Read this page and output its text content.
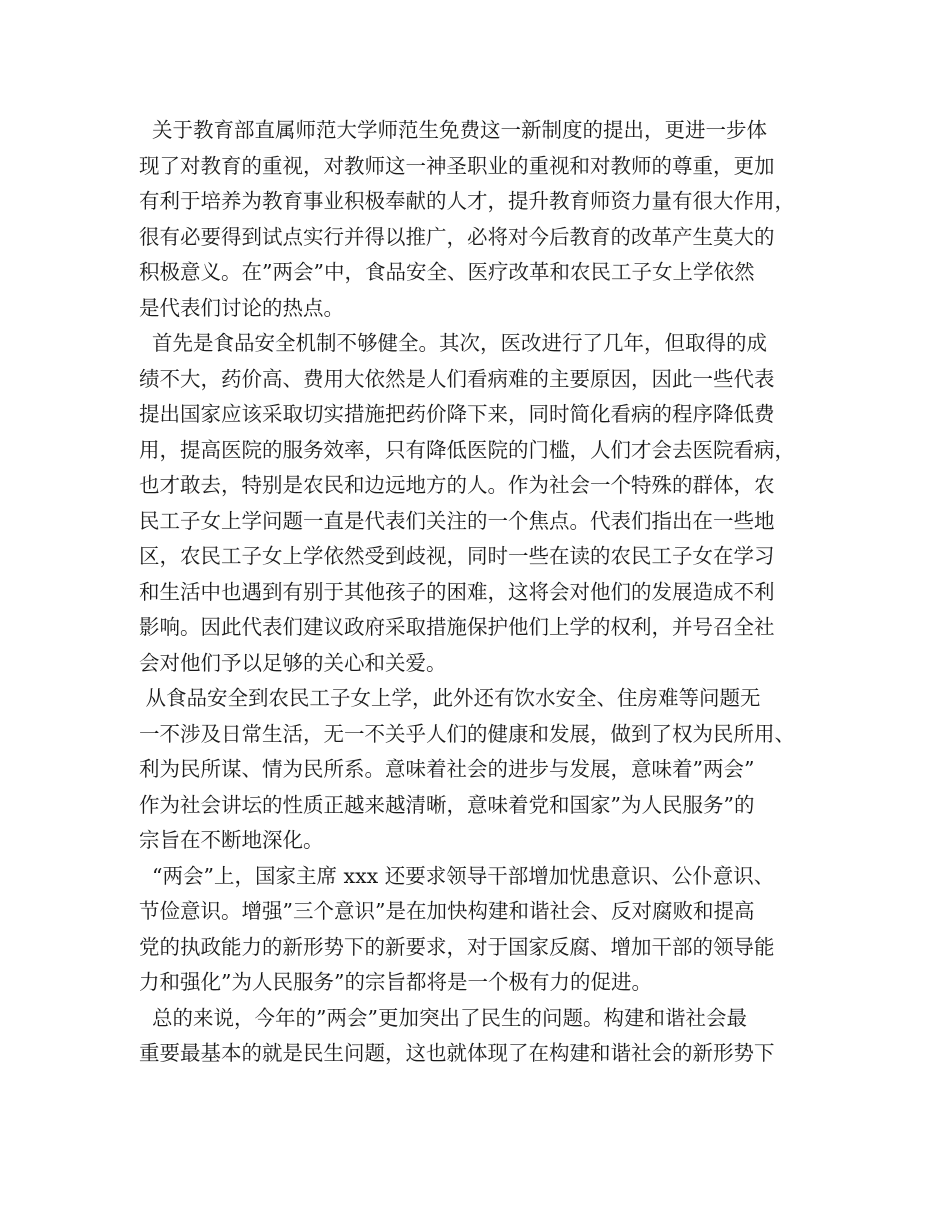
关于教育部直属师范大学师范生免费这一新制度的提出，更进一步体
现了对教育的重视，对教师这一神圣职业的重视和对教师的尊重，更加
有利于培养为教育事业积极奉献的人才，提升教育师资力量有很大作用，
很有必要得到试点实行并得以推广，必将对今后教育的改革产生莫大的
积极意义。在”两会”中，食品安全、医疗改革和农民工子女上学依然
是代表们讨论的热点。
首先是食品安全机制不够健全。其次，医改进行了几年，但取得的成
绩不大，药价高、费用大依然是人们看病难的主要原因，因此一些代表
提出国家应该采取切实措施把药价降下来，同时简化看病的程序降低费
用，提高医院的服务效率，只有降低医院的门槛，人们才会去医院看病，
也才敢去，特别是农民和边远地方的人。作为社会一个特殊的群体，农
民工子女上学问题一直是代表们关注的一个焦点。代表们指出在一些地
区，农民工子女上学依然受到歧视，同时一些在读的农民工子女在学习
和生活中也遇到有别于其他孩子的困难，这将会对他们的发展造成不利
影响。因此代表们建议政府采取措施保护他们上学的权利，并号召全社
会对他们予以足够的关心和关爱。
从食品安全到农民工子女上学，此外还有饮水安全、住房难等问题无
一不涉及日常生活，无一不关乎人们的健康和发展，做到了权为民所用、
利为民所谋、情为民所系。意味着社会的进步与发展，意味着”两会”
作为社会讲坛的性质正越来越清晰，意味着党和国家”为人民服务”的
宗旨在不断地深化。
“两会”上，国家主席 xxx 还要求领导干部增加忧患意识、公仆意识、
节俭意识。增强”三个意识”是在加快构建和谐社会、反对腐败和提高
党的执政能力的新形势下的新要求，对于国家反腐、增加干部的领导能
力和强化”为人民服务”的宗旨都将是一个极有力的促进。
总的来说，今年的”两会”更加突出了民生的问题。构建和谐社会最
重要最基本的就是民生问题，这也就体现了在构建和谐社会的新形势下
